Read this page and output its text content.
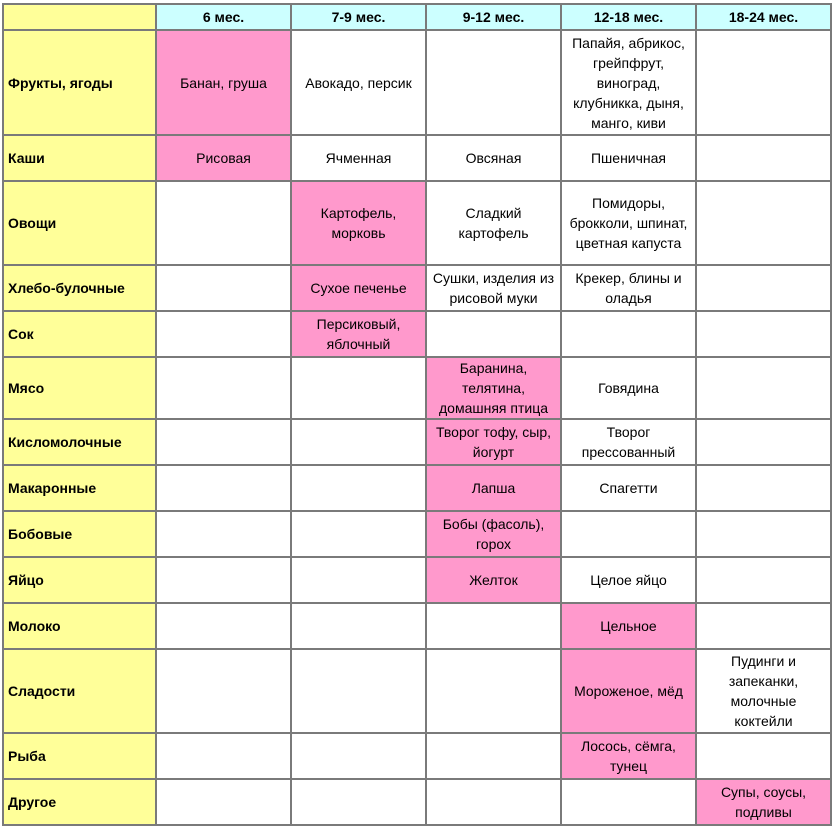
	6 мес.	7-9 мес.	9-12 мес.	12-18 мес.	18-24 мес.
Фрукты, ягоды	Банан, груша	Авокадо, персик		Папайя, абрикос, грейпфрут, виноград, клубникка, дыня, манго, киви	
Каши	Рисовая	Ячменная	Овсяная	Пшеничная	
Овощи		Картофель, морковь	Сладкий картофель	Помидоры, брокколи, шпинат, цветная капуста	
Хлебо-булочные		Сухое печенье	Сушки, изделия из рисовой муки	Крекер, блины и оладья	
Сок		Персиковый, яблочный			
Мясо			Баранина, телятина, домашняя птица	Говядина	
Кисломолочные			Творог тофу, сыр, йогурт	Творог прессованный	
Макаронные			Лапша	Спагетти	
Бобовые			Бобы (фасоль), горох		
Яйцо			Желток	Целое яйцо	
Молоко				Цельное	
Сладости				Мороженое, мёд	Пудинги и запеканки, молочные коктейли
Рыба				Лосось, сёмга, тунец	
Другое					Супы, соусы, подливы
